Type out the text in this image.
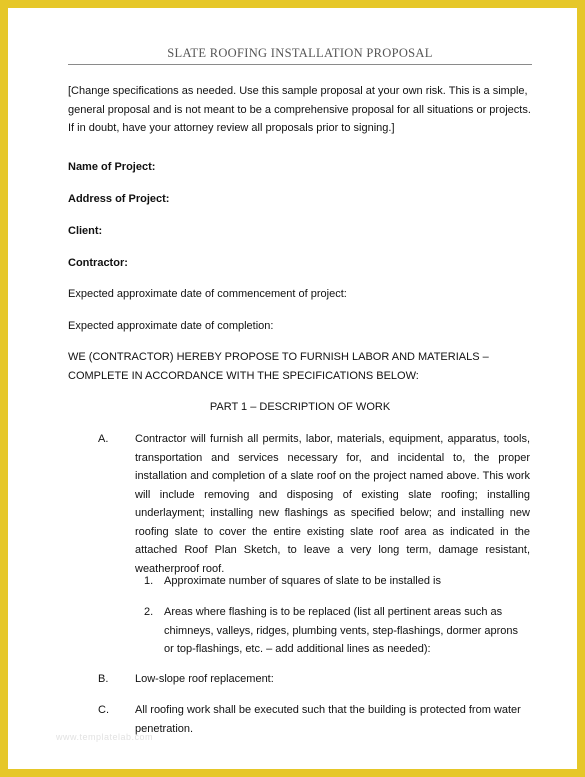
SLATE ROOFING INSTALLATION PROPOSAL
[Change specifications as needed. Use this sample proposal at your own risk. This is a simple, general proposal and is not meant to be a comprehensive proposal for all situations or projects. If in doubt, have your attorney review all proposals prior to signing.]
Name of Project:
Address of Project:
Client:
Contractor:
Expected approximate date of commencement of project:
Expected approximate date of completion:
WE (CONTRACTOR) HEREBY PROPOSE TO FURNISH LABOR AND MATERIALS – COMPLETE IN ACCORDANCE WITH THE SPECIFICATIONS BELOW:
PART 1 – DESCRIPTION OF WORK
A. Contractor will furnish all permits, labor, materials, equipment, apparatus, tools, transportation and services necessary for, and incidental to, the proper installation and completion of a slate roof on the project named above. This work will include removing and disposing of existing slate roofing; installing underlayment; installing new flashings as specified below; and installing new roofing slate to cover the entire existing slate roof area as indicated in the attached Roof Plan Sketch, to leave a very long term, damage resistant, weatherproof roof.
1. Approximate number of squares of slate to be installed is
2. Areas where flashing is to be replaced (list all pertinent areas such as chimneys, valleys, ridges, plumbing vents, step-flashings, dormer aprons or top-flashings, etc. – add additional lines as needed):
B. Low-slope roof replacement:
C. All roofing work shall be executed such that the building is protected from water penetration.
www.templatelab.com
